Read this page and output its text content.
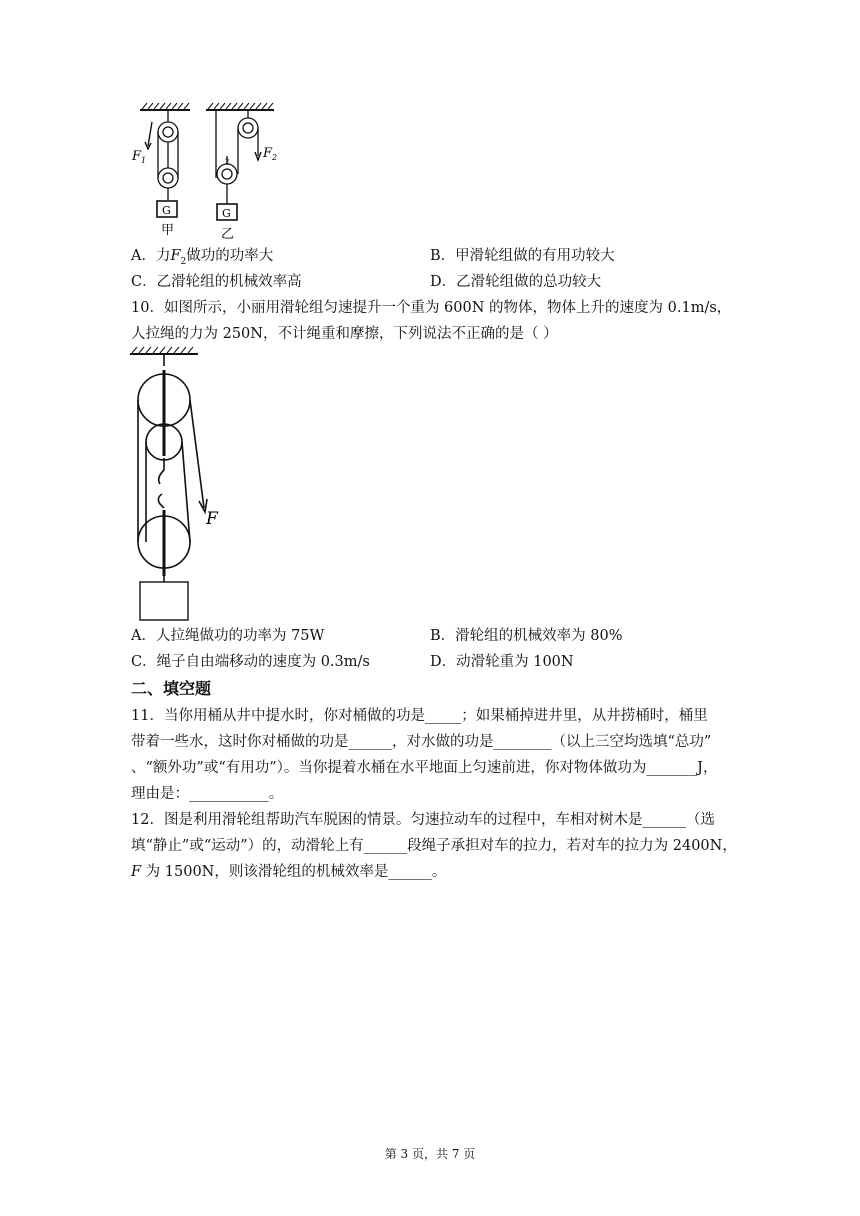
$F_1$
G
甲
2
$F_2$
G
乙
A．力$F_2$做功的功率大	B．甲滑轮组做的有用功较大
C．乙滑轮组的机械效率高	D．乙滑轮组做的总功较大
10．如图所示，小丽用滑轮组匀速提升一个重为 600N 的物体，物体上升的速度为 0.1m/s，
人拉绳的力为 250N，不计绳重和摩擦，下列说法不正确的是（ ）
F
A．人拉绳做功的功率为 75W	B．滑轮组的机械效率为 80%
C．绳子自由端移动的速度为 0.3m/s	D．动滑轮重为 100N
二、填空题
11．当你用桶从井中提水时，你对桶做的功是_____；如果桶掉进井里，从井捞桶时，桶里
带着一些水，这时你对桶做的功是______，对水做的功是________（以上三空均选填“总功”
、“额外功”或“有用功”）。当你提着水桶在水平地面上匀速前进，你对物体做功为_______J，
理由是：___________。
12．图是利用滑轮组帮助汽车脱困的情景。匀速拉动车的过程中，车相对树木是______（选
填“静止”或“运动”）的，动滑轮上有______段绳子承担对车的拉力，若对车的拉力为 2400N，
F 为 1500N，则该滑轮组的机械效率是______。
第 3 页，共 7 页
